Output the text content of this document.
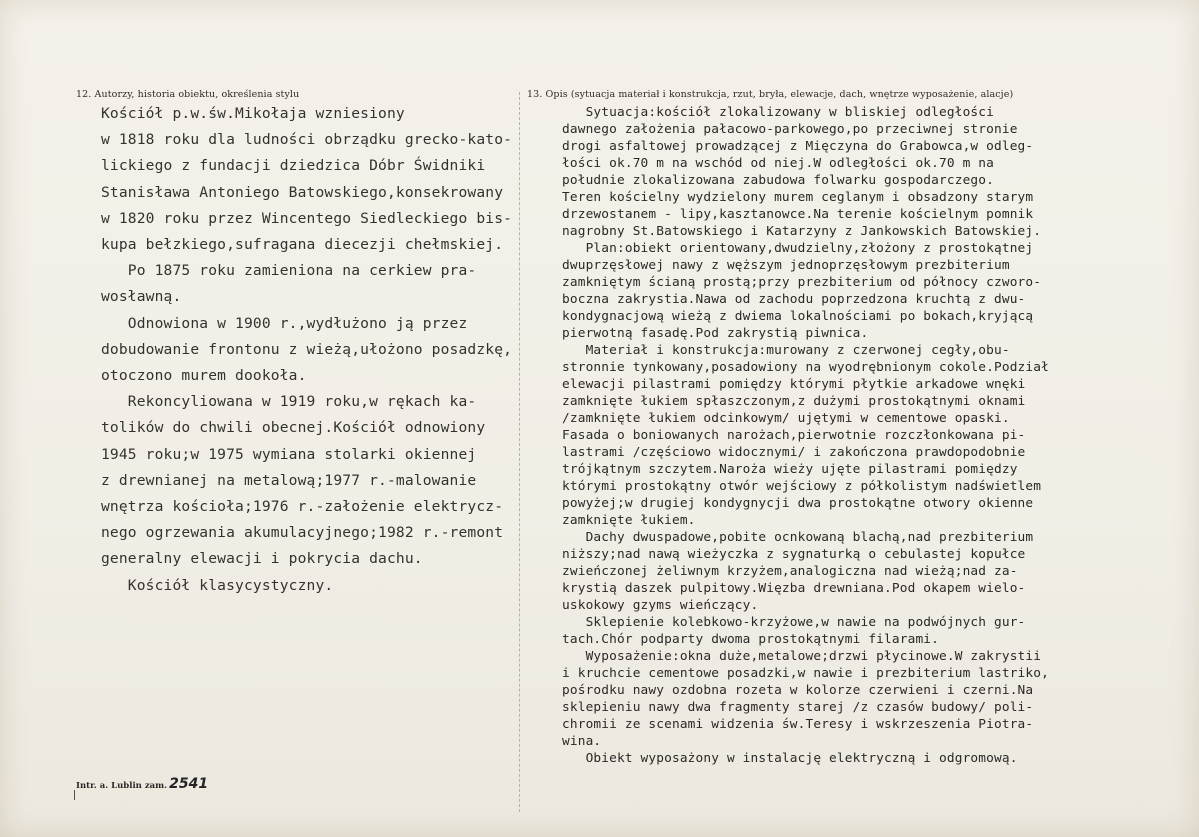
12. Autorzy, historia obiektu, określenia stylu	13. Opis (sytuacja materiał i konstrukcja, rzut, bryła, elewacje, dach, wnętrze wyposażenie, alacje)
Kościół p.w.św.Mikołaja wzniesiony
w 1818 roku dla ludności obrządku grecko-kato-
lickiego z fundacji dziedzica Dóbr Świdniki
Stanisława Antoniego Batowskiego,konsekrowany
w 1820 roku przez Wincentego Siedleckiego bis-
kupa bełzkiego,sufragana diecezji chełmskiej.
Po 1875 roku zamieniona na cerkiew pra-
wosławną.
Odnowiona w 1900 r.,wydłużono ją przez
dobudowanie frontonu z wieżą,ułożono posadzkę,
otoczono murem dookoła.
Rekoncyliowana w 1919 roku,w rękach ka-
tolików do chwili obecnej.Kościół odnowiony
1945 roku;w 1975 wymiana stolarki okiennej
z drewnianej na metalową;1977 r.-malowanie
wnętrza kościoła;1976 r.-założenie elektrycz-
nego ogrzewania akumulacyjnego;1982 r.-remont
generalny elewacji i pokrycia dachu.
Kościół klasycystyczny.
Sytuacja:kościół zlokalizowany w bliskiej odległości
dawnego założenia pałacowo-parkowego,po przeciwnej stronie
drogi asfaltowej prowadzącej z Mięczyna do Grabowca,w odleg-
łości ok.70 m na wschód od niej.W odległości ok.70 m na
południe zlokalizowana zabudowa folwarku gospodarczego.
Teren kościelny wydzielony murem ceglanym i obsadzony starym
drzewostanem - lipy,kasztanowce.Na terenie kościelnym pomnik
nagrobny St.Batowskiego i Katarzyny z Jankowskich Batowskiej.
Plan:obiekt orientowany,dwudzielny,złożony z prostokątnej
dwuprzęsłowej nawy z węższym jednoprzęsłowym prezbiterium
zamkniętym ścianą prostą;przy prezbiterium od północy czworo-
boczna zakrystia.Nawa od zachodu poprzedzona kruchtą z dwu-
kondygnacjową wieżą z dwiema lokalnościami po bokach,kryjącą
pierwotną fasadę.Pod zakrystią piwnica.
Materiał i konstrukcja:murowany z czerwonej cegły,obu-
stronnie tynkowany,posadowiony na wyodrębnionym cokole.Podział
elewacji pilastrami pomiędzy którymi płytkie arkadowe wnęki
zamknięte łukiem spłaszczonym,z dużymi prostokątnymi oknami
/zamknięte łukiem odcinkowym/ ujętymi w cementowe opaski.
Fasada o boniowanych narożach,pierwotnie rozczłonkowana pi-
lastrami /częściowo widocznymi/ i zakończona prawdopodobnie
trójkątnym szczytem.Naroża wieży ujęte pilastrami pomiędzy
którymi prostokątny otwór wejściowy z półkolistym nadświetlem
powyżej;w drugiej kondygnycji dwa prostokątne otwory okienne
zamknięte łukiem.
Dachy dwuspadowe,pobite ocnkowaną blachą,nad prezbiterium
niższy;nad nawą wieżyczka z sygnaturką o cebulastej kopułce
zwieńczonej żeliwnym krzyżem,analogiczna nad wieżą;nad za-
krystią daszek pulpitowy.Więzba drewniana.Pod okapem wielo-
uskokowy gzyms wieńczący.
Sklepienie kolebkowo-krzyżowe,w nawie na podwójnych gur-
tach.Chór podparty dwoma prostokątnymi filarami.
Wyposażenie:okna duże,metalowe;drzwi płycinowe.W zakrystii
i kruchcie cementowe posadzki,w nawie i prezbiterium lastriko,
pośrodku nawy ozdobna rozeta w kolorze czerwieni i czerni.Na
sklepieniu nawy dwa fragmenty starej /z czasów budowy/ poli-
chromii ze scenami widzenia św.Teresy i wskrzeszenia Piotra-
wina.
Obiekt wyposażony w instalację elektryczną i odgromową.
Intr. a. Lublin zam. 2541
